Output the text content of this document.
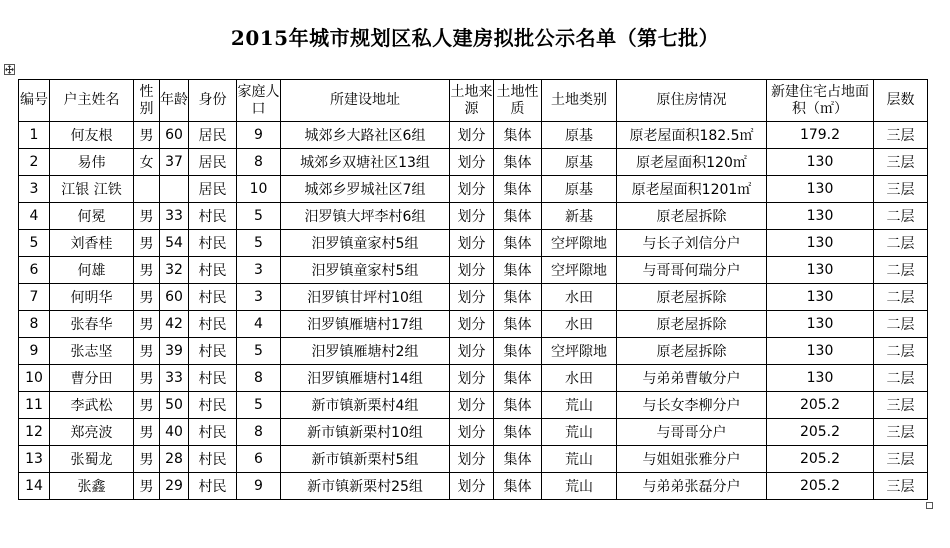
2015年城市规划区私人建房拟批公示名单（第七批）
编号	户主姓名	性别	年龄	身份	家庭人口	所建设地址	土地来源	土地性质	土地类别	原住房情况	新建住宅占地面积（㎡）	层数
1	何友根	男	60	居民	9	城郊乡大路社区6组	划分	集体	原基	原老屋面积182.5㎡	179.2	三层
2	易伟	女	37	居民	8	城郊乡双塘社区13组	划分	集体	原基	原老屋面积120㎡	130	三层
3	江银 江铁			居民	10	城郊乡罗城社区7组	划分	集体	原基	原老屋面积1201㎡	130	三层
4	何冕	男	33	村民	5	汨罗镇大坪李村6组	划分	集体	新基	原老屋拆除	130	二层
5	刘香桂	男	54	村民	5	汨罗镇童家村5组	划分	集体	空坪隙地	与长子刘信分户	130	二层
6	何雄	男	32	村民	3	汨罗镇童家村5组	划分	集体	空坪隙地	与哥哥何瑞分户	130	二层
7	何明华	男	60	村民	3	汨罗镇甘坪村10组	划分	集体	水田	原老屋拆除	130	二层
8	张春华	男	42	村民	4	汨罗镇雁塘村17组	划分	集体	水田	原老屋拆除	130	二层
9	张志坚	男	39	村民	5	汨罗镇雁塘村2组	划分	集体	空坪隙地	原老屋拆除	130	二层
10	曹分田	男	33	村民	8	汨罗镇雁塘村14组	划分	集体	水田	与弟弟曹敏分户	130	二层
11	李武松	男	50	村民	5	新市镇新栗村4组	划分	集体	荒山	与长女李柳分户	205.2	三层
12	郑亮波	男	40	村民	8	新市镇新栗村10组	划分	集体	荒山	与哥哥分户	205.2	三层
13	张蜀龙	男	28	村民	6	新市镇新栗村5组	划分	集体	荒山	与姐姐张雅分户	205.2	三层
14	张鑫	男	29	村民	9	新市镇新栗村25组	划分	集体	荒山	与弟弟张磊分户	205.2	三层
